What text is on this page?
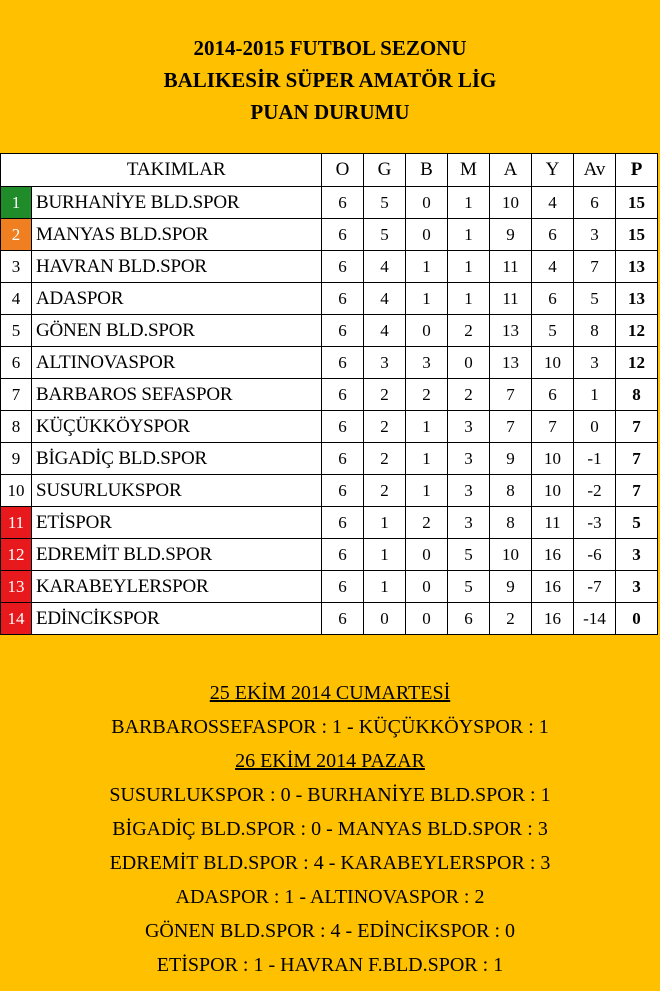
2014-2015 FUTBOL SEZONU
BALIKESİR SÜPER AMATÖR LİG
PUAN DURUMU
	TAKIMLAR	O	G	B	M	A	Y	Av	P
1	BURHANİYE BLD.SPOR	6	5	0	1	10	4	6	15
2	MANYAS BLD.SPOR	6	5	0	1	9	6	3	15
3	HAVRAN BLD.SPOR	6	4	1	1	11	4	7	13
4	ADASPOR	6	4	1	1	11	6	5	13
5	GÖNEN BLD.SPOR	6	4	0	2	13	5	8	12
6	ALTINOVASPOR	6	3	3	0	13	10	3	12
7	BARBAROS SEFASPOR	6	2	2	2	7	6	1	8
8	KÜÇÜKKÖYSPOR	6	2	1	3	7	7	0	7
9	BİGADİÇ BLD.SPOR	6	2	1	3	9	10	-1	7
10	SUSURLUKSPOR	6	2	1	3	8	10	-2	7
11	ETİSPOR	6	1	2	3	8	11	-3	5
12	EDREMİT BLD.SPOR	6	1	0	5	10	16	-6	3
13	KARABEYLERSPOR	6	1	0	5	9	16	-7	3
14	EDİNCİKSPOR	6	0	0	6	2	16	-14	0
25 EKİM 2014 CUMARTESİ
BARBAROSSEFASPOR : 1 - KÜÇÜKKÖYSPOR : 1
26 EKİM 2014 PAZAR
SUSURLUKSPOR : 0 - BURHANİYE BLD.SPOR : 1
BİGADİÇ BLD.SPOR : 0 - MANYAS BLD.SPOR : 3
EDREMİT BLD.SPOR : 4 - KARABEYLERSPOR : 3
ADASPOR : 1 - ALTINOVASPOR : 2
GÖNEN BLD.SPOR : 4 - EDİNCİKSPOR : 0
ETİSPOR : 1 - HAVRAN F.BLD.SPOR : 1
